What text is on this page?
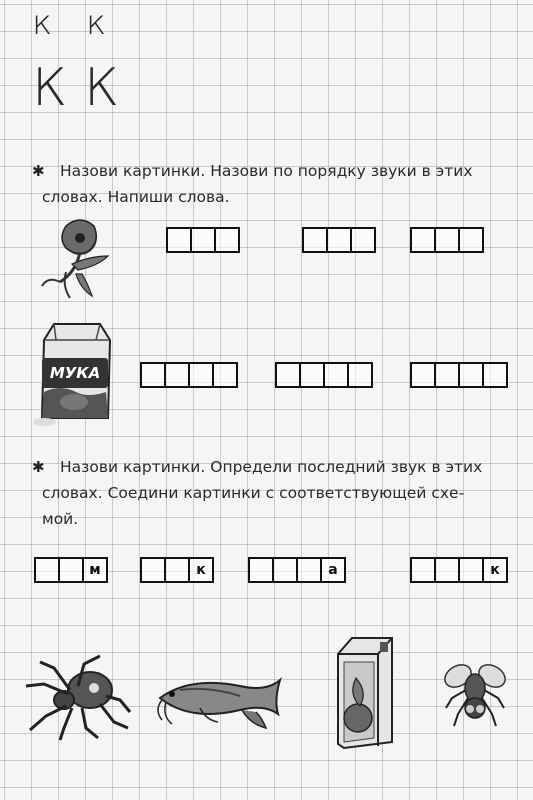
к к
К К
✱ Назови картинки. Назови по порядку звуки в этих

словах. Напиши слова.

МУКА
✱ Назови картинки. Определи последний звук в этих

словах. Соедини картинки с соответствующей схе-

мой.

м	к	а	к
